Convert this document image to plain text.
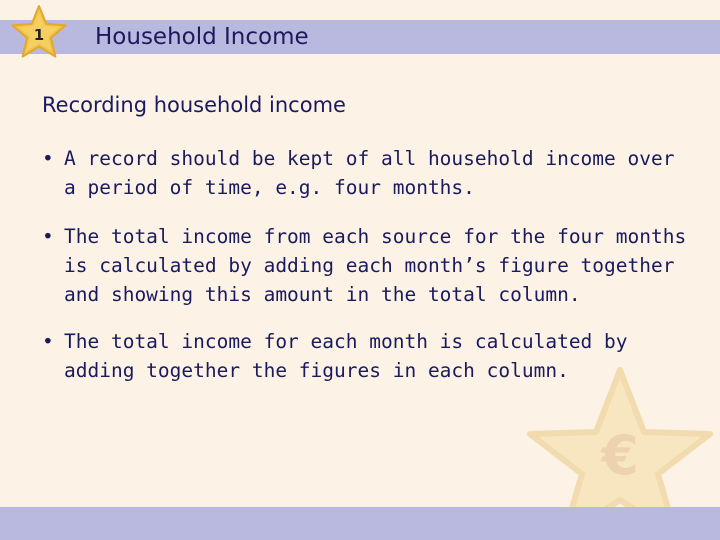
1	Household Income
Recording household income
• A record should be kept of all household income over a period of time, e.g. four months.
• The total income from each source for the four months is calculated by adding each month’s figure together and showing this amount in the total column.
• The total income for each month is calculated by adding together the figures in each column.
€
